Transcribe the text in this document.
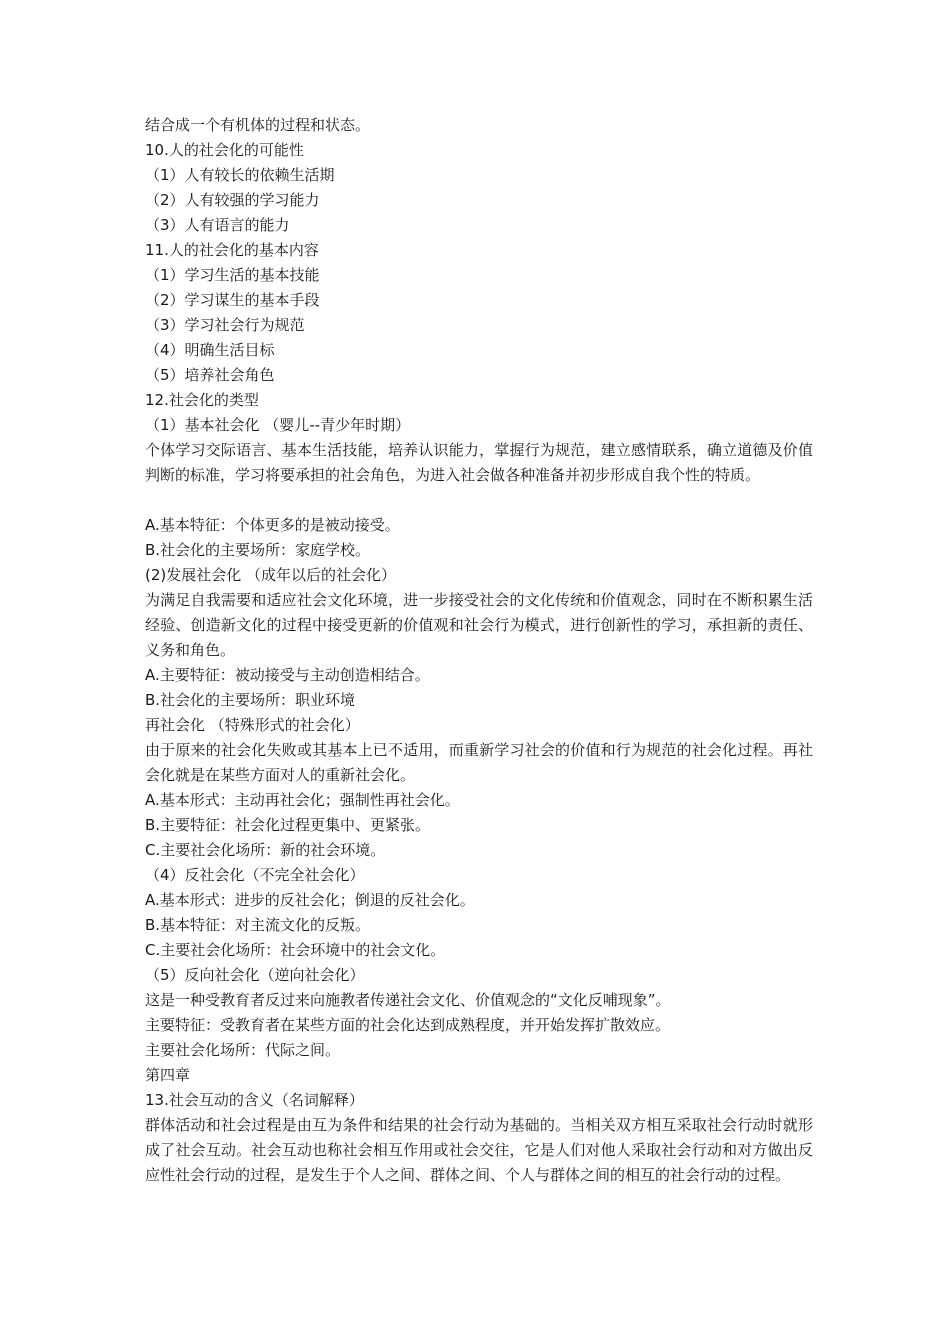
结合成一个有机体的过程和状态。
10.人的社会化的可能性
（1）人有较长的依赖生活期
（2）人有较强的学习能力
（3）人有语言的能力
11.人的社会化的基本内容
（1）学习生活的基本技能
（2）学习谋生的基本手段
（3）学习社会行为规范
（4）明确生活目标
（5）培养社会角色
12.社会化的类型
（1）基本社会化 （婴儿--青少年时期）
个体学习交际语言、基本生活技能，培养认识能力，掌握行为规范，建立感情联系，确立道德及价值判断的标准，学习将要承担的社会角色，为进入社会做各种准备并初步形成自我个性的特质。
A.基本特征：个体更多的是被动接受。
B.社会化的主要场所：家庭学校。
(2)发展社会化 （成年以后的社会化）
为满足自我需要和适应社会文化环境，进一步接受社会的文化传统和价值观念，同时在不断积累生活经验、创造新文化的过程中接受更新的价值观和社会行为模式，进行创新性的学习，承担新的责任、义务和角色。
A.主要特征：被动接受与主动创造相结合。
B.社会化的主要场所：职业环境
再社会化 （特殊形式的社会化）
由于原来的社会化失败或其基本上已不适用，而重新学习社会的价值和行为规范的社会化过程。再社会化就是在某些方面对人的重新社会化。
A.基本形式：主动再社会化；强制性再社会化。
B.主要特征：社会化过程更集中、更紧张。
C.主要社会化场所：新的社会环境。
（4）反社会化（不完全社会化）
A.基本形式：进步的反社会化；倒退的反社会化。
B.基本特征：对主流文化的反叛。
C.主要社会化场所：社会环境中的社会文化。
（5）反向社会化（逆向社会化）
这是一种受教育者反过来向施教者传递社会文化、价值观念的“文化反哺现象”。
主要特征：受教育者在某些方面的社会化达到成熟程度，并开始发挥扩散效应。
主要社会化场所：代际之间。
第四章
13.社会互动的含义（名词解释）
群体活动和社会过程是由互为条件和结果的社会行动为基础的。当相关双方相互采取社会行动时就形成了社会互动。社会互动也称社会相互作用或社会交往，它是人们对他人采取社会行动和对方做出反应性社会行动的过程，是发生于个人之间、群体之间、个人与群体之间的相互的社会行动的过程。
